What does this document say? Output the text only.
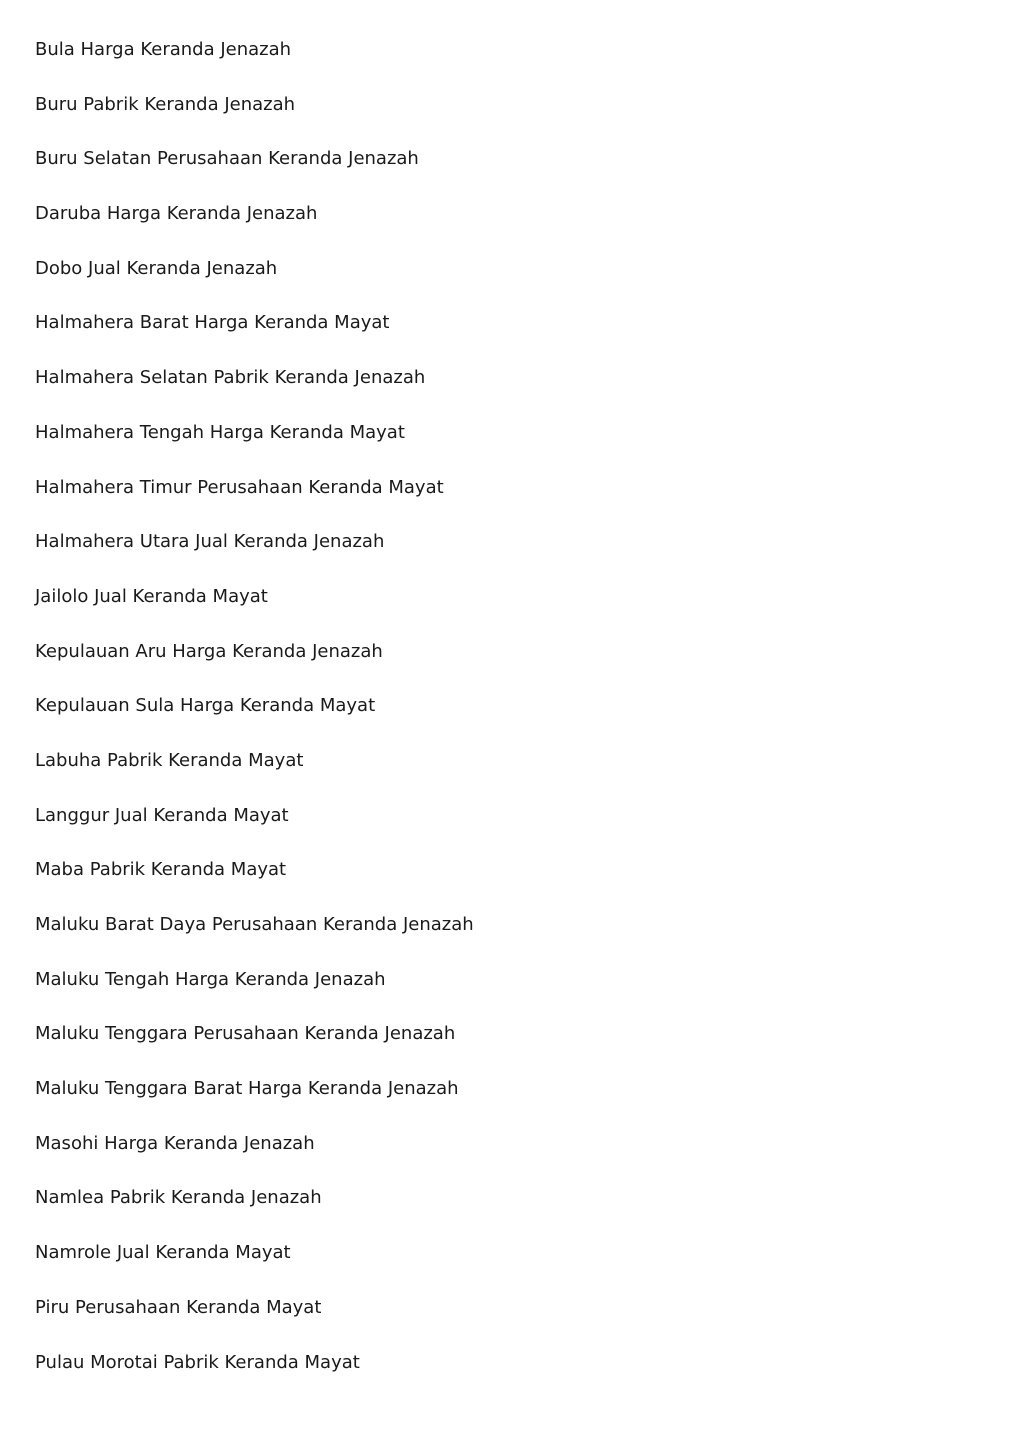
Bula Harga Keranda Jenazah
Buru Pabrik Keranda Jenazah
Buru Selatan Perusahaan Keranda Jenazah
Daruba Harga Keranda Jenazah
Dobo Jual Keranda Jenazah
Halmahera Barat Harga Keranda Mayat
Halmahera Selatan Pabrik Keranda Jenazah
Halmahera Tengah Harga Keranda Mayat
Halmahera Timur Perusahaan Keranda Mayat
Halmahera Utara Jual Keranda Jenazah
Jailolo Jual Keranda Mayat
Kepulauan Aru Harga Keranda Jenazah
Kepulauan Sula Harga Keranda Mayat
Labuha Pabrik Keranda Mayat
Langgur Jual Keranda Mayat
Maba Pabrik Keranda Mayat
Maluku Barat Daya Perusahaan Keranda Jenazah
Maluku Tengah Harga Keranda Jenazah
Maluku Tenggara Perusahaan Keranda Jenazah
Maluku Tenggara Barat Harga Keranda Jenazah
Masohi Harga Keranda Jenazah
Namlea Pabrik Keranda Jenazah
Namrole Jual Keranda Mayat
Piru Perusahaan Keranda Mayat
Pulau Morotai Pabrik Keranda Mayat
